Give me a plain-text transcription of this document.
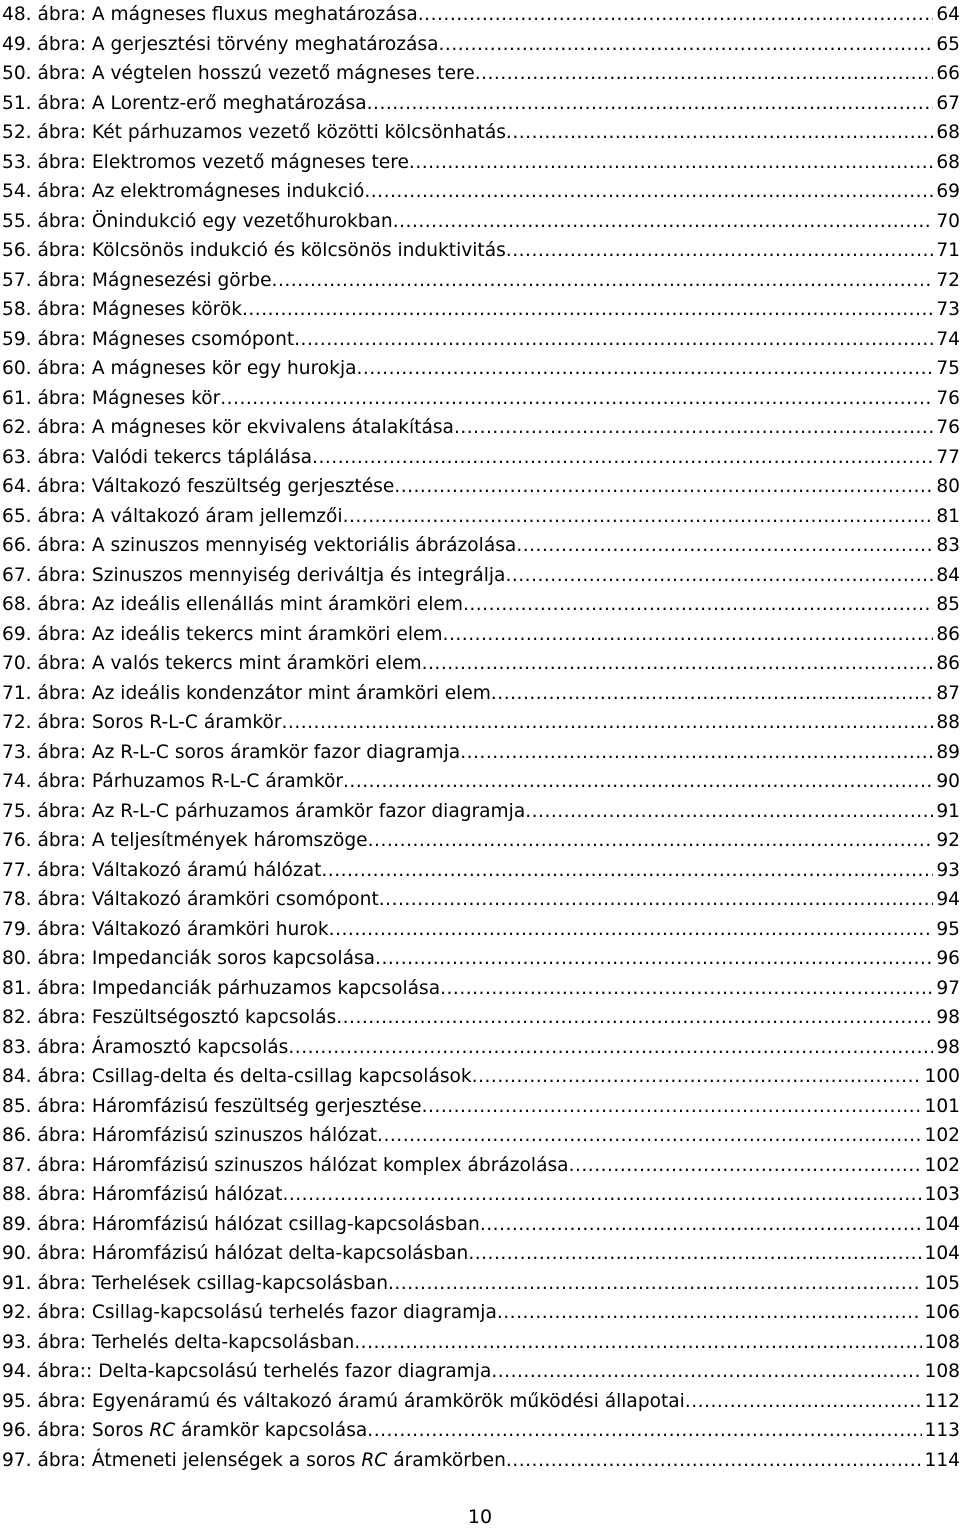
48. ábra: A mágneses fluxus meghatározása .....	64
49. ábra: A gerjesztési törvény meghatározása .....	65
50. ábra: A végtelen hosszú vezető mágneses tere .....	66
51. ábra: A Lorentz-erő meghatározása .....	67
52. ábra: Két párhuzamos vezető közötti kölcsönhatás .....	68
53. ábra: Elektromos vezető mágneses tere .....	68
54. ábra: Az elektromágneses indukció .....	69
55. ábra: Önindukció egy vezetőhurokban .....	70
56. ábra: Kölcsönös indukció és kölcsönös induktivitás .....	71
57. ábra: Mágnesezési görbe .....	72
58. ábra: Mágneses körök .....	73
59. ábra: Mágneses csomópont .....	74
60. ábra: A mágneses kör egy hurokja .....	75
61. ábra: Mágneses kör .....	76
62. ábra: A mágneses kör ekvivalens átalakítása .....	76
63. ábra: Valódi tekercs táplálása .....	77
64. ábra: Váltakozó feszültség gerjesztése .....	80
65. ábra: A váltakozó áram jellemzői .....	81
66. ábra: A szinuszos mennyiség vektoriális ábrázolása .....	83
67. ábra: Szinuszos mennyiség deriváltja és integrálja .....	84
68. ábra: Az ideális ellenállás mint áramköri elem .....	85
69. ábra: Az ideális tekercs mint áramköri elem .....	86
70. ábra: A valós tekercs mint áramköri elem .....	86
71. ábra: Az ideális kondenzátor mint áramköri elem .....	87
72. ábra: Soros R-L-C áramkör .....	88
73. ábra: Az R-L-C soros áramkör fazor diagramja .....	89
74. ábra: Párhuzamos R-L-C áramkör .....	90
75. ábra: Az R-L-C párhuzamos áramkör fazor diagramja .....	91
76. ábra: A teljesítmények háromszöge .....	92
77. ábra: Váltakozó áramú hálózat .....	93
78. ábra: Váltakozó áramköri csomópont .....	94
79. ábra: Váltakozó áramköri hurok .....	95
80. ábra: Impedanciák soros kapcsolása .....	96
81. ábra: Impedanciák párhuzamos kapcsolása .....	97
82. ábra: Feszültségosztó kapcsolás .....	98
83. ábra: Áramosztó kapcsolás .....	98
84. ábra: Csillag-delta és delta-csillag kapcsolások .....	100
85. ábra: Háromfázisú feszültség gerjesztése .....	101
86. ábra: Háromfázisú szinuszos hálózat .....	102
87. ábra: Háromfázisú szinuszos hálózat komplex ábrázolása .....	102
88. ábra: Háromfázisú hálózat .....	103
89. ábra: Háromfázisú hálózat csillag-kapcsolásban .....	104
90. ábra: Háromfázisú hálózat delta-kapcsolásban .....	104
91. ábra: Terhelések csillag-kapcsolásban .....	105
92. ábra: Csillag-kapcsolású terhelés fazor diagramja .....	106
93. ábra: Terhelés delta-kapcsolásban .....	108
94. ábra:: Delta-kapcsolású terhelés fazor diagramja .....	108
95. ábra: Egyenáramú és váltakozó áramú áramkörök működési állapotai .....	112
96. ábra: Soros RC áramkör kapcsolása .....	113
97. ábra: Átmeneti jelenségek a soros RC áramkörben .....	114
10
